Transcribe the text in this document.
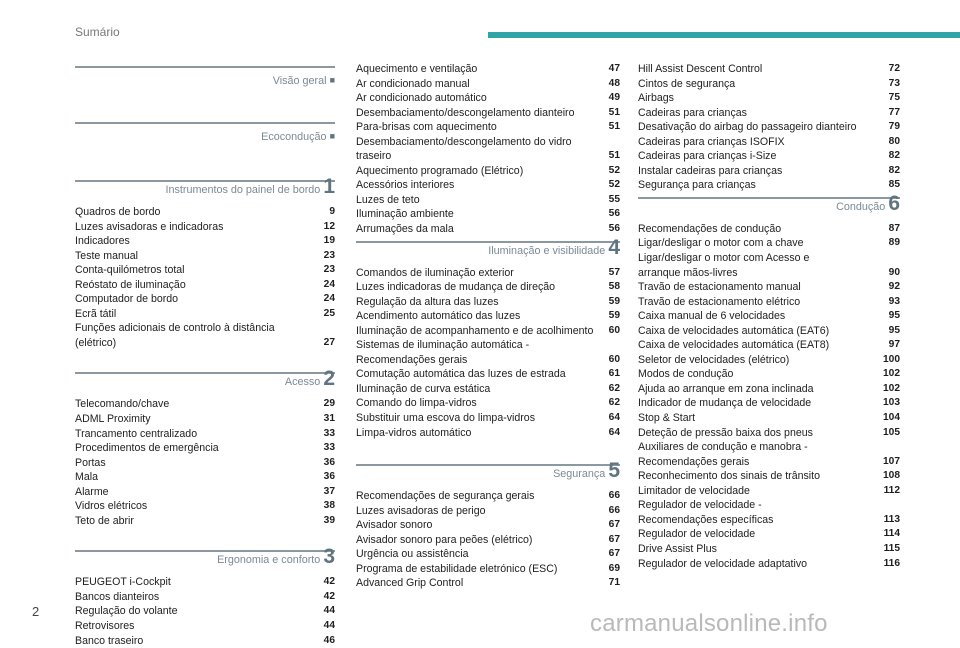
Sumário
Visão geral ■
Ecocondução ■
Instrumentos do painel de bordo 1
Quadros de bordo	9
Luzes avisadoras e indicadoras	12
Indicadores	19
Teste manual	23
Conta-quilómetros total	23
Reóstato de iluminação	24
Computador de bordo	24
Ecrã tátil	25
Funções adicionais de controlo à distância (elétrico)	27
Acesso 2
Telecomando/chave	29
ADML Proximity	31
Trancamento centralizado	33
Procedimentos de emergência	33
Portas	36
Mala	36
Alarme	37
Vidros elétricos	38
Teto de abrir	39
Ergonomia e conforto 3
PEUGEOT i-Cockpit	42
Bancos dianteiros	42
Regulação do volante	44
Retrovisores	44
Banco traseiro	46
Aquecimento e ventilação	47
Ar condicionado manual	48
Ar condicionado automático	49
Desembaciamento/descongelamento dianteiro	51
Para-brisas com aquecimento	51
Desembaciamento/descongelamento do vidro traseiro	51
Aquecimento programado (Elétrico)	52
Acessórios interiores	52
Luzes de teto	55
Iluminação ambiente	56
Arrumações da mala	56
Iluminação e visibilidade 4
Comandos de iluminação exterior	57
Luzes indicadoras de mudança de direção	58
Regulação da altura das luzes	59
Acendimento automático das luzes	59
Iluminação de acompanhamento e de acolhimento	60
Sistemas de iluminação automática -
Recomendações gerais	60
Comutação automática das luzes de estrada	61
Iluminação de curva estática	62
Comando do limpa-vidros	62
Substituir uma escova do limpa-vidros	64
Limpa-vidros automático	64
Segurança 5
Recomendações de segurança gerais	66
Luzes avisadoras de perigo	66
Avisador sonoro	67
Avisador sonoro para peões (elétrico)	67
Urgência ou assistência	67
Programa de estabilidade eletrónico (ESC)	69
Advanced Grip Control	71
Hill Assist Descent Control	72
Cintos de segurança	73
Airbags	75
Cadeiras para crianças	77
Desativação do airbag do passageiro dianteiro	79
Cadeiras para crianças ISOFIX	80
Cadeiras para crianças i-Size	82
Instalar cadeiras para crianças	82
Segurança para crianças	85
Condução 6
Recomendações de condução	87
Ligar/desligar o motor com a chave	89
Ligar/desligar o motor com Acesso e
arranque mãos-livres	90
Travão de estacionamento manual	92
Travão de estacionamento elétrico	93
Caixa manual de 6 velocidades	95
Caixa de velocidades automática (EAT6)	95
Caixa de velocidades automática (EAT8)	97
Seletor de velocidades (elétrico)	100
Modos de condução	102
Ajuda ao arranque em zona inclinada	102
Indicador de mudança de velocidade	103
Stop & Start	104
Deteção de pressão baixa dos pneus	105
Auxiliares de condução e manobra -
Recomendações gerais	107
Reconhecimento dos sinais de trânsito	108
Limitador de velocidade	112
Regulador de velocidade -
Recomendações específicas	113
Regulador de velocidade	114
Drive Assist Plus	115
Regulador de velocidade adaptativo	116
2	carmanualsonline.info
